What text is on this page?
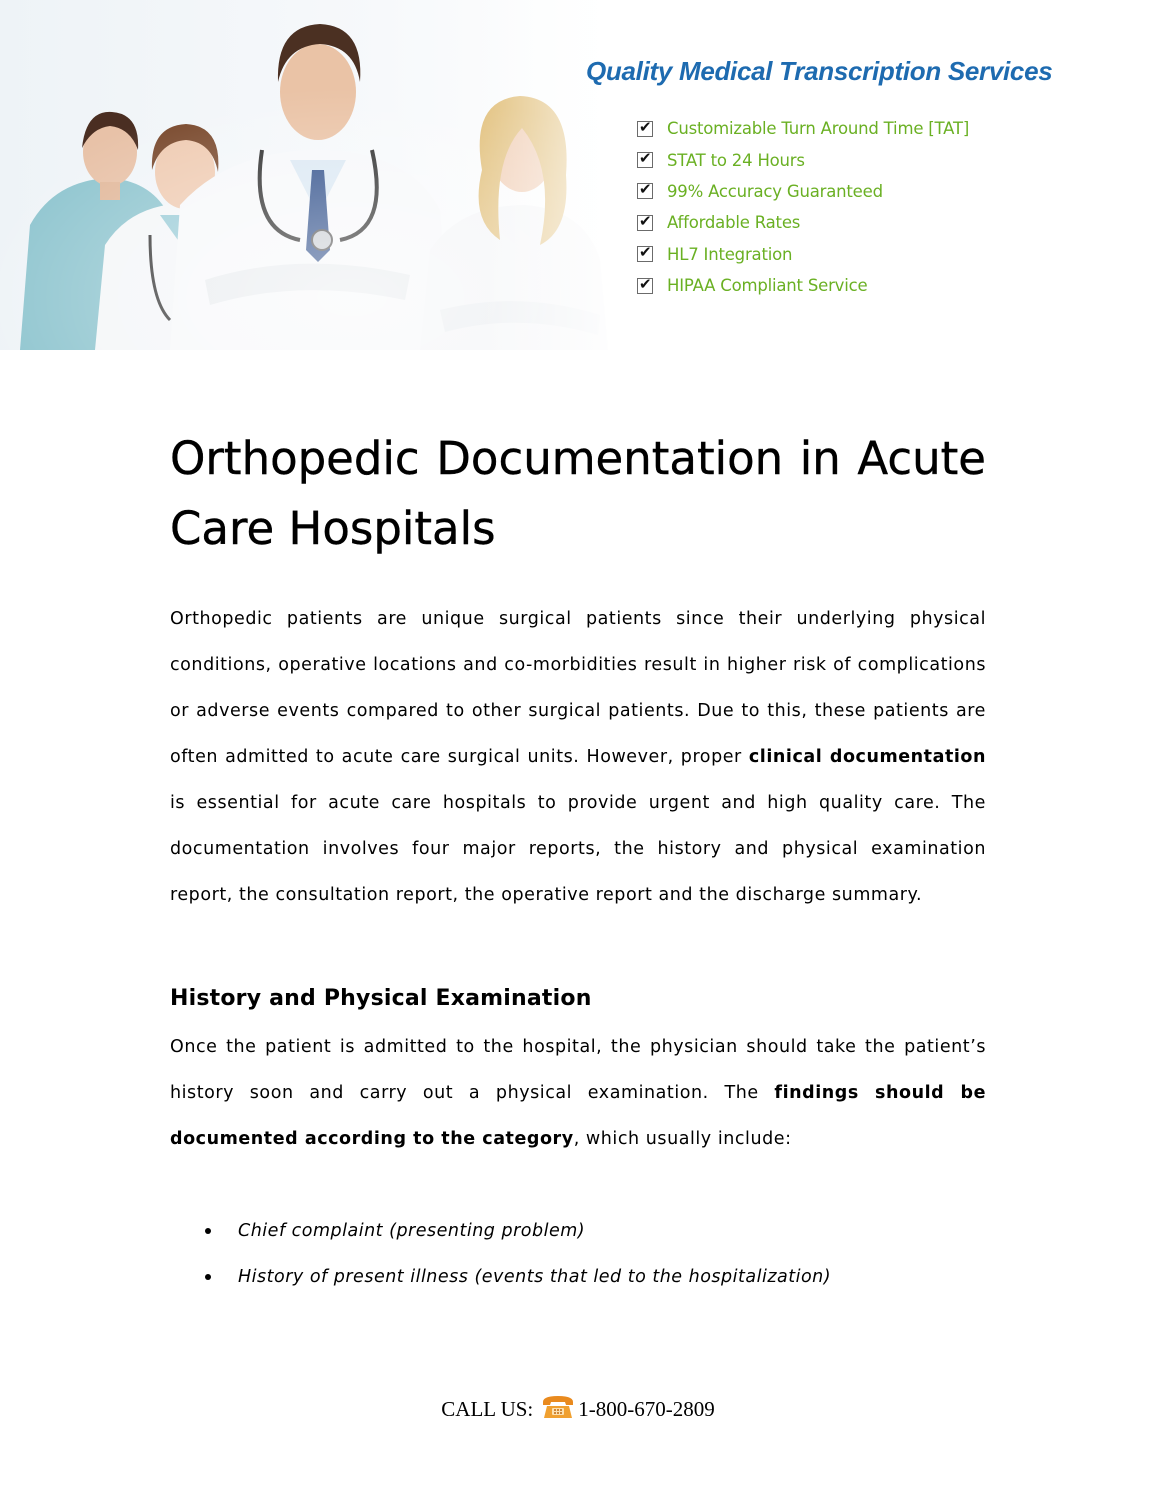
Quality Medical Transcription Services
✔
Customizable Turn Around Time [TAT]
✔
STAT to 24 Hours
✔
99% Accuracy Guaranteed
✔
Affordable Rates
✔
HL7 Integration
✔
HIPAA Compliant Service
Orthopedic Documentation in Acute Care Hospitals

Orthopedic patients are unique surgical patients since their underlying physical conditions, operative locations and co-morbidities result in higher risk of complications or adverse events compared to other surgical patients. Due to this, these patients are often admitted to acute care surgical units. However, proper clinical documentation is essential for acute care hospitals to provide urgent and high quality care. The documentation involves four major reports, the history and physical examination report, the consultation report, the operative report and the discharge summary.

History and Physical Examination

Once the patient is admitted to the hospital, the physician should take the patient’s history soon and carry out a physical examination. The findings should be documented according to the category, which usually include:

Chief complaint (presenting problem)
History of present illness (events that led to the hospitalization)
CALL US: 1-800-670-2809
